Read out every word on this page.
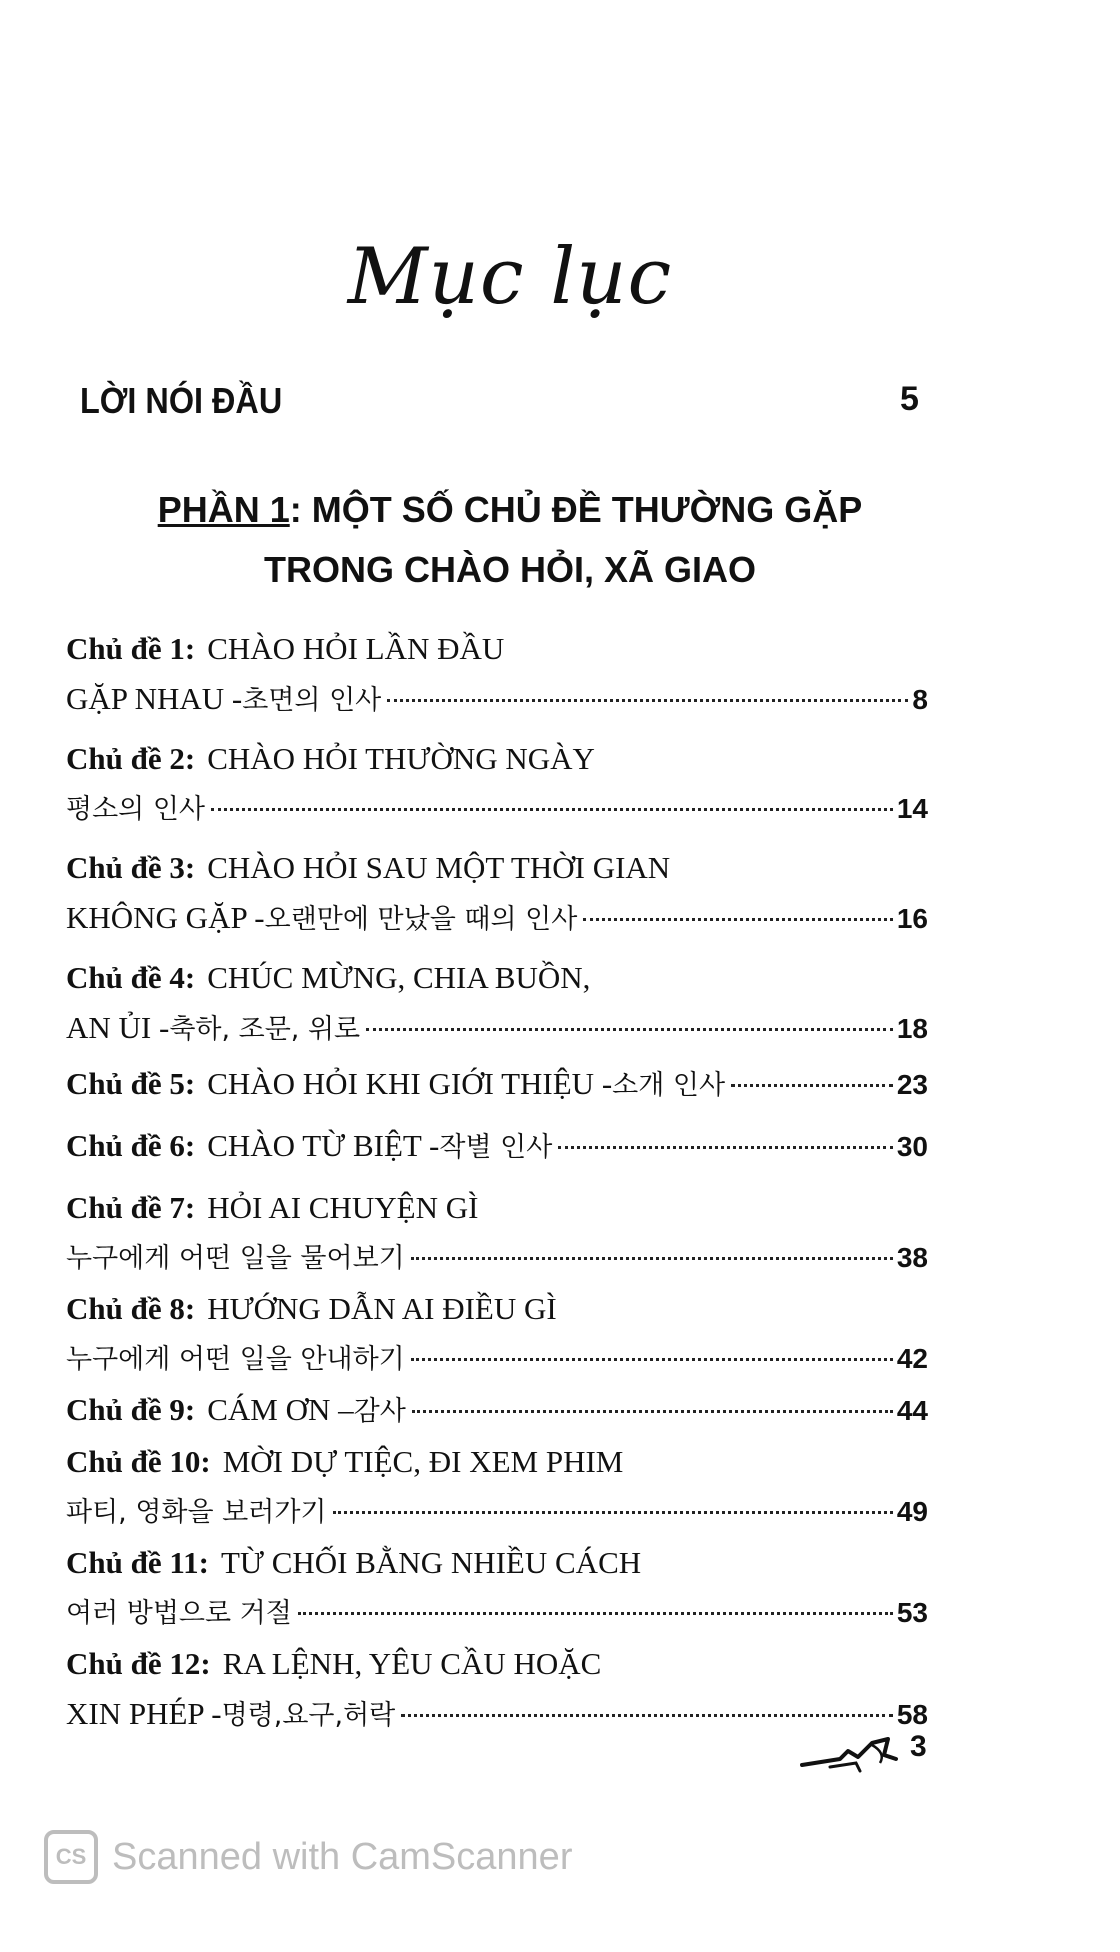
Mục lục
LỜI NÓI ĐẦU	5
PHẦN 1: MỘT SỐ CHỦ ĐỀ THƯỜNG GẶP
TRONG CHÀO HỎI, XÃ GIAO
Chủ đề 1: CHÀO HỎI LẦN ĐẦU
GẶP NHAU - 초면의 인사	8
Chủ đề 2: CHÀO HỎI THƯỜNG NGÀY
평소의 인사	14
Chủ đề 3: CHÀO HỎI SAU MỘT THỜI GIAN
KHÔNG GẶP - 오랜만에 만났을 때의 인사	16
Chủ đề 4: CHÚC MỪNG, CHIA BUỒN,
AN ỦI - 축하, 조문, 위로	18
Chủ đề 5: CHÀO HỎI KHI GIỚI THIỆU - 소개 인사	23
Chủ đề 6: CHÀO TỪ BIỆT - 작별 인사	30
Chủ đề 7: HỎI AI CHUYỆN GÌ
누구에게 어떤 일을 물어보기	38
Chủ đề 8: HƯỚNG DẪN AI ĐIỀU GÌ
누구에게 어떤 일을 안내하기	42
Chủ đề 9: CÁM ƠN – 감사	44
Chủ đề 10: MỜI DỰ TIỆC, ĐI XEM PHIM
파티, 영화을 보러가기	49
Chủ đề 11: TỪ CHỐI BẰNG NHIỀU CÁCH
여러 방법으로 거절	53
Chủ đề 12: RA LỆNH, YÊU CẦU HOẶC
XIN PHÉP - 명령,요구,허락	58
3
CS Scanned with CamScanner
